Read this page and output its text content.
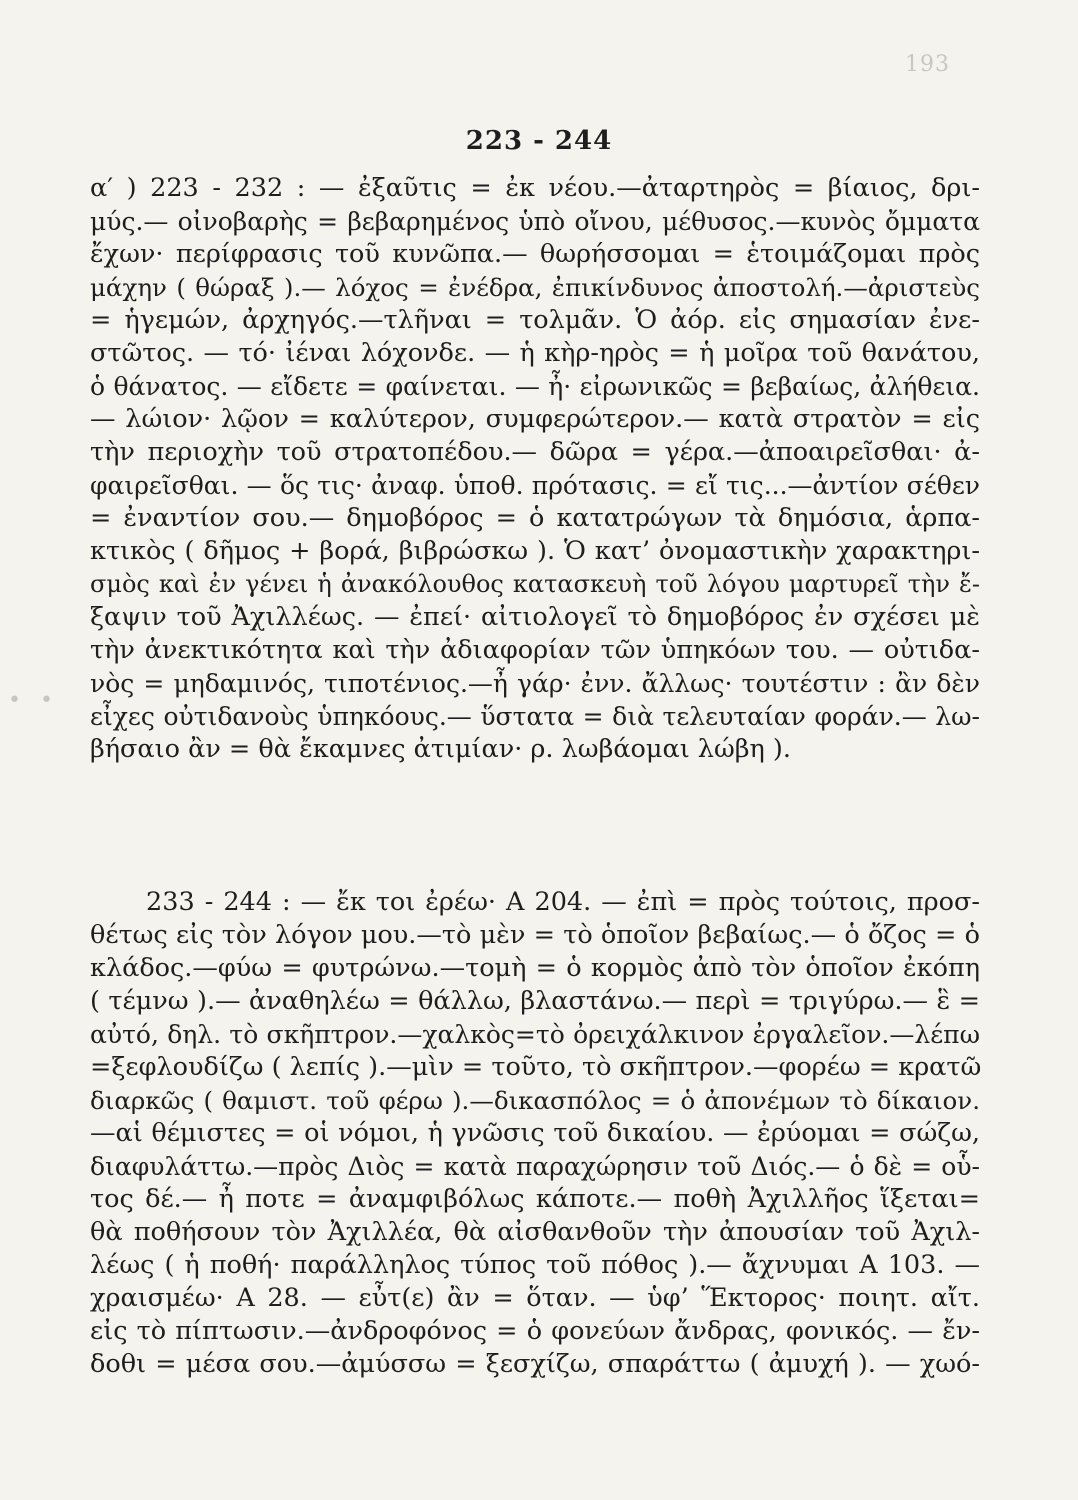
193
223 - 244
• •
α′ ) 223 - 232 : — ἐξαῦτις = ἐκ νέου.—ἀταρτηρὸς = βίαιος, δρι-
μύς.— οἰνοβαρὴς = βεβαρημένος ὑπὸ οἴνου, μέθυσος.—κυνὸς ὄμματα
ἔχων· περίφρασις τοῦ κυνῶπα.— θωρήσσομαι = ἑτοιμάζομαι πρὸς
μάχην ( θώραξ ).— λόχος = ἐνέδρα, ἐπικίνδυνος ἀποστολή.—ἀριστεὺς
= ἡγεμών, ἀρχηγός.—τλῆναι = τολμᾶν. Ὁ ἀόρ. εἰς σημασίαν ἐνε-
στῶτος. — τό· ἰέναι λόχονδε. — ἡ κὴρ-ηρὸς = ἡ μοῖρα τοῦ θανάτου,
ὁ θάνατος. — εἴδετε = φαίνεται. — ἦ· εἰρωνικῶς = βεβαίως, ἀλήθεια.
— λώιον· λῷον = καλύτερον, συμφερώτερον.— κατὰ στρατὸν = εἰς
τὴν περιοχὴν τοῦ στρατοπέδου.— δῶρα = γέρα.—ἀποαιρεῖσθαι· ἀ-
φαιρεῖσθαι. — ὅς τις· ἀναφ. ὑποθ. πρότασις. = εἴ τις...—ἀντίον σέθεν
= ἐναντίον σου.— δημοβόρος = ὁ κατατρώγων τὰ δημόσια, ἁρπα-
κτικὸς ( δῆμος + βορά, βιβρώσκω ). Ὁ κατ’ ὀνομαστικὴν χαρακτηρι-
σμὸς καὶ ἐν γένει ἡ ἀνακόλουθος κατασκευὴ τοῦ λόγου μαρτυρεῖ τὴν ἔ-
ξαψιν τοῦ Ἀχιλλέως. — ἐπεί· αἰτιολογεῖ τὸ δημοβόρος ἐν σχέσει μὲ
τὴν ἀνεκτικότητα καὶ τὴν ἀδιαφορίαν τῶν ὑπηκόων του. — οὐτιδα-
νὸς = μηδαμινός, τιποτένιος.—ἦ γάρ· ἐνν. ἄλλως· τουτέστιν : ἂν δὲν
εἶχες οὐτιδανοὺς ὑπηκόους.— ὕστατα = διὰ τελευταίαν φοράν.— λω-
βήσαιο ἂν = θὰ ἔκαμνες ἀτιμίαν· ρ. λωβάομαι λώβη ).
233 - 244 : — ἔκ τοι ἐρέω· Α 204. — ἐπὶ = πρὸς τούτοις, προσ-
θέτως εἰς τὸν λόγον μου.—τὸ μὲν = τὸ ὁποῖον βεβαίως.— ὁ ὄζος = ὁ
κλάδος.—φύω = φυτρώνω.—τομὴ = ὁ κορμὸς ἀπὸ τὸν ὁποῖον ἐκόπη
( τέμνω ).— ἀναθηλέω = θάλλω, βλαστάνω.— περὶ = τριγύρω.— ἓ =
αὐτό, δηλ. τὸ σκῆπτρον.—χαλκὸς=τὸ ὀρειχάλκινον ἐργαλεῖον.—λέπω
=ξεφλουδίζω ( λεπίς ).—μὶν = τοῦτο, τὸ σκῆπτρον.—φορέω = κρατῶ
διαρκῶς ( θαμιστ. τοῦ φέρω ).—δικασπόλος = ὁ ἀπονέμων τὸ δίκαιον.
—αἱ θέμιστες = οἱ νόμοι, ἡ γνῶσις τοῦ δικαίου. — ἐρύομαι = σώζω,
διαφυλάττω.—πρὸς Διὸς = κατὰ παραχώρησιν τοῦ Διός.— ὁ δὲ = οὗ-
τος δέ.— ἦ ποτε = ἀναμφιβόλως κάποτε.— ποθὴ Ἀχιλλῆος ἵξεται=
θὰ ποθήσουν τὸν Ἀχιλλέα, θὰ αἰσθανθοῦν τὴν ἀπουσίαν τοῦ Ἀχιλ-
λέως ( ἡ ποθή· παράλληλος τύπος τοῦ πόθος ).— ἄχνυμαι Α 103. —
χραισμέω· Α 28. — εὖτ(ε) ἂν = ὅταν. — ὑφ’ Ἕκτορος· ποιητ. αἴτ.
εἰς τὸ πίπτωσιν.—ἀνδροφόνος = ὁ φονεύων ἄνδρας, φονικός. — ἔν-
δοθι = μέσα σου.—ἀμύσσω = ξεσχίζω, σπαράττω ( ἀμυχή ). — χωό-
